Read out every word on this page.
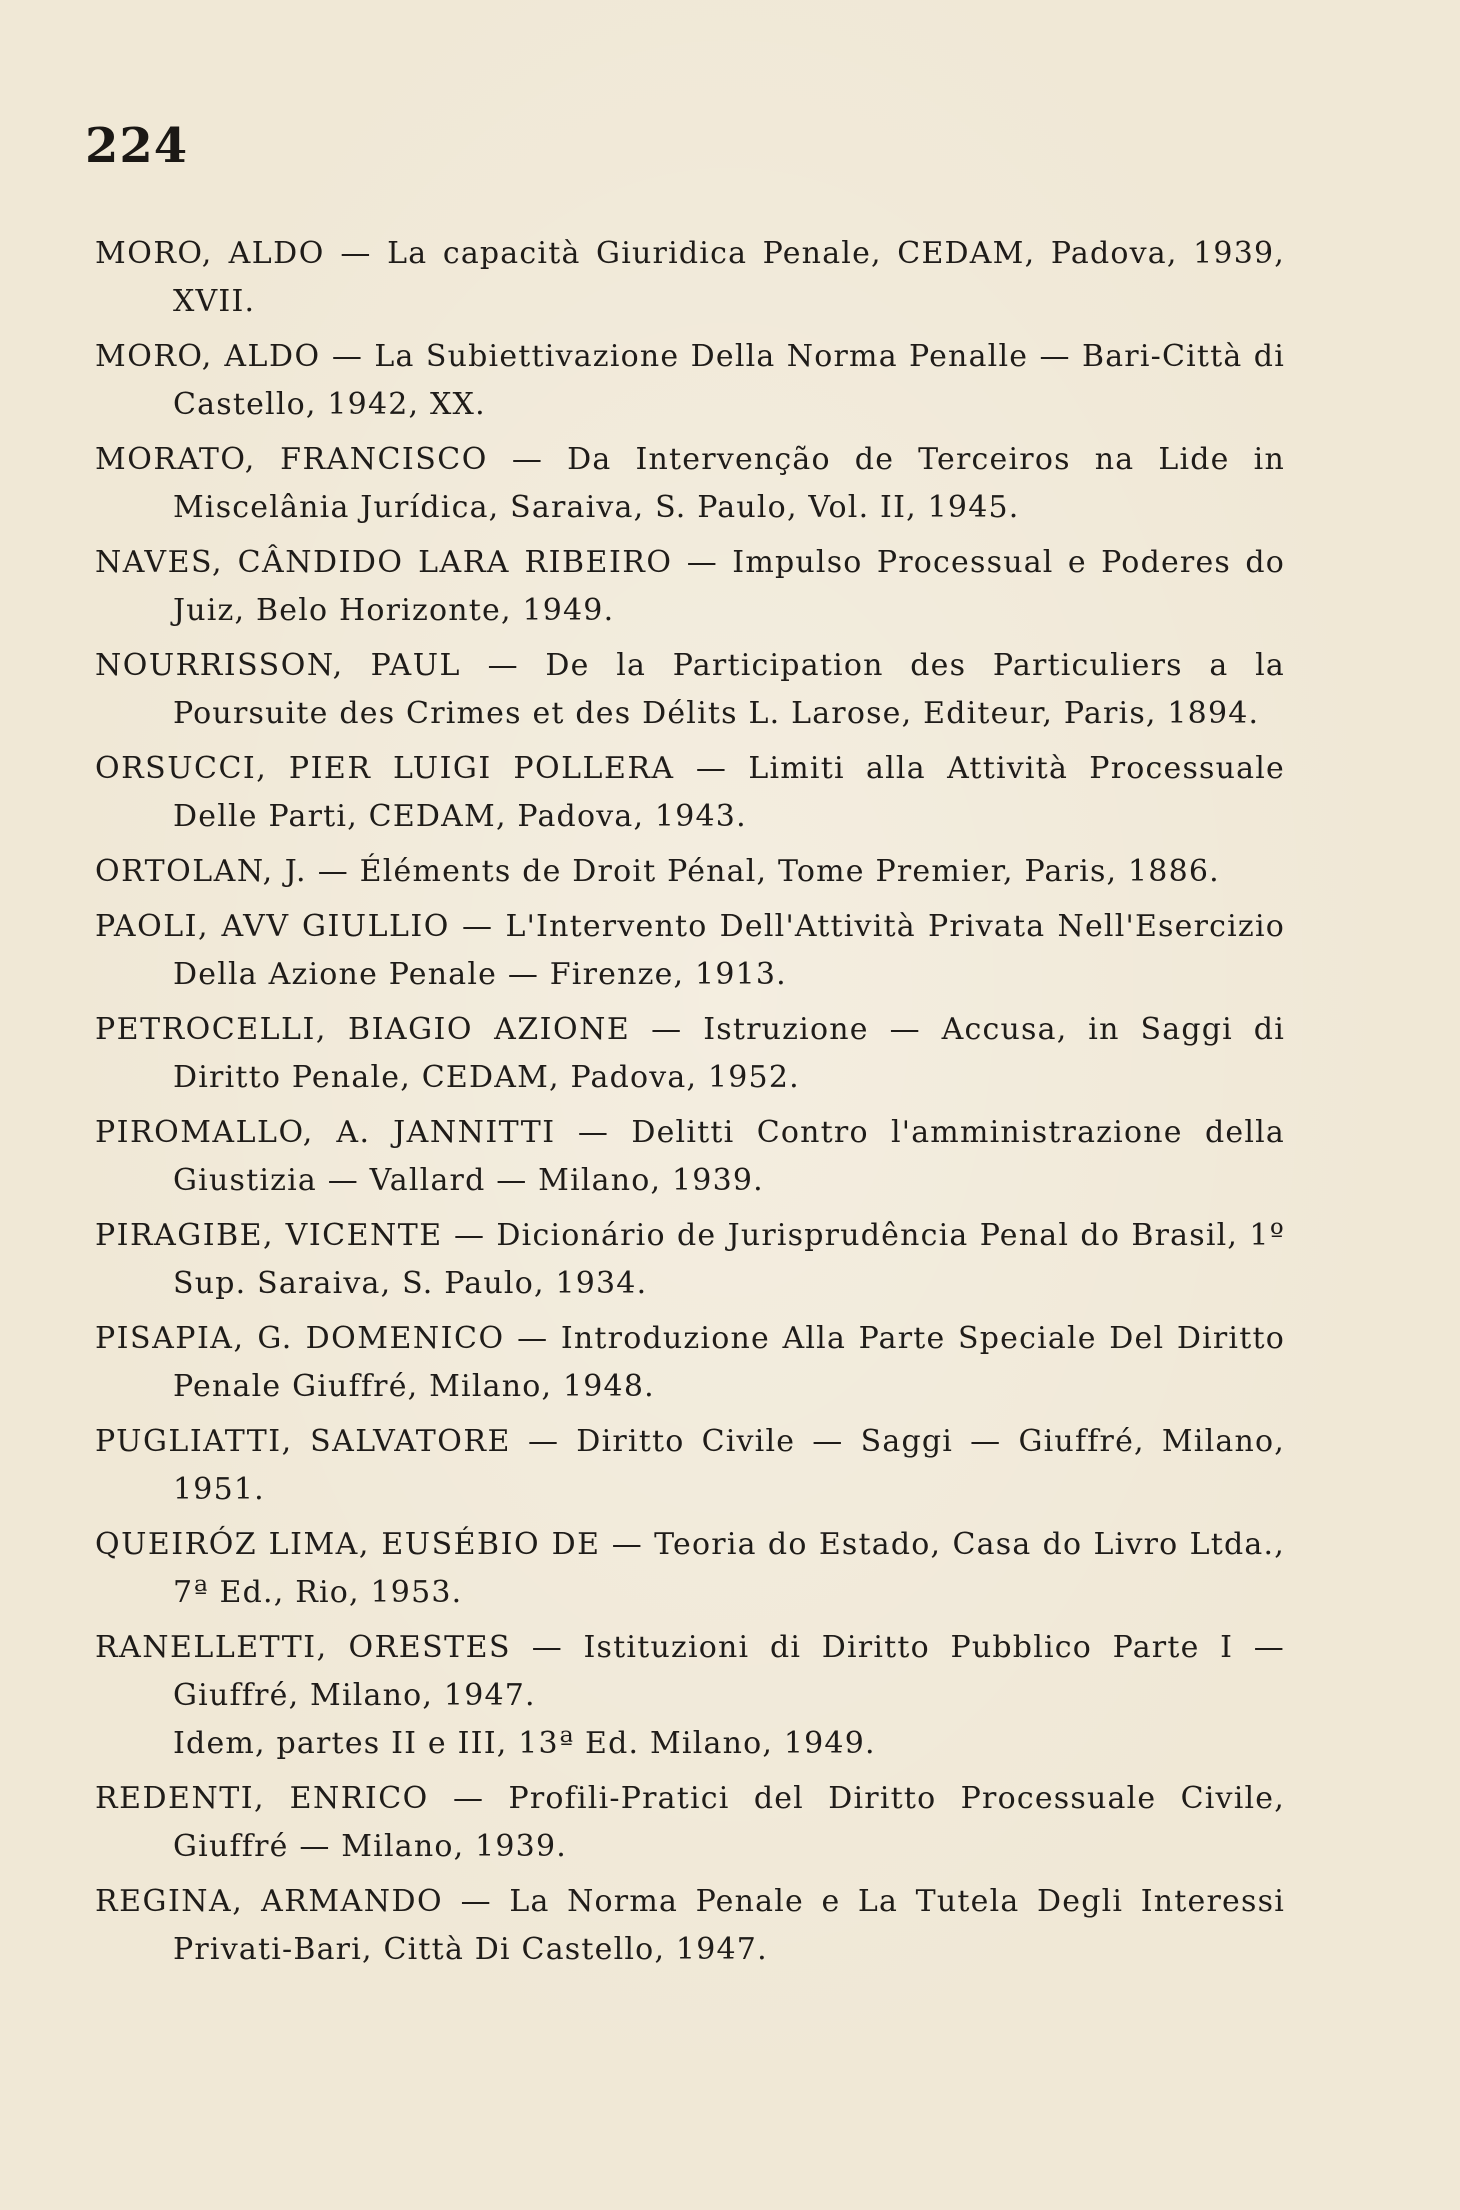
224
MORO, ALDO — La capacità Giuridica Penale, CEDAM, Padova, 1939, XVII.
MORO, ALDO — La Subiettivazione Della Norma Penalle — Bari-Città di Castello, 1942, XX.
MORATO, FRANCISCO — Da Intervenção de Terceiros na Lide in Miscelânia Jurídica, Saraiva, S. Paulo, Vol. II, 1945.
NAVES, CÂNDIDO LARA RIBEIRO — Impulso Processual e Poderes do Juiz, Belo Horizonte, 1949.
NOURRISSON, PAUL — De la Participation des Particuliers a la Poursuite des Crimes et des Délits L. Larose, Editeur, Paris, 1894.
ORSUCCI, PIER LUIGI POLLERA — Limiti alla Attività Processuale Delle Parti, CEDAM, Padova, 1943.
ORTOLAN, J. — Éléments de Droit Pénal, Tome Premier, Paris, 1886.
PAOLI, AVV GIULLIO — L'Intervento Dell'Attività Privata Nell'Esercizio Della Azione Penale — Firenze, 1913.
PETROCELLI, BIAGIO AZIONE — Istruzione — Accusa, in Saggi di Diritto Penale, CEDAM, Padova, 1952.
PIROMALLO, A. JANNITTI — Delitti Contro l'amministrazione della Giustizia — Vallard — Milano, 1939.
PIRAGIBE, VICENTE — Dicionário de Jurisprudência Penal do Brasil, 1º Sup. Saraiva, S. Paulo, 1934.
PISAPIA, G. DOMENICO — Introduzione Alla Parte Speciale Del Diritto Penale Giuffré, Milano, 1948.
PUGLIATTI, SALVATORE — Diritto Civile — Saggi — Giuffré, Milano, 1951.
QUEIRÓZ LIMA, EUSÉBIO DE — Teoria do Estado, Casa do Livro Ltda., 7ª Ed., Rio, 1953.
RANELLETTI, ORESTES — Istituzioni di Diritto Pubblico Parte I — Giuffré, Milano, 1947.
Idem, partes II e III, 13ª Ed. Milano, 1949.
REDENTI, ENRICO — Profili-Pratici del Diritto Processuale Civile, Giuffré — Milano, 1939.
REGINA, ARMANDO — La Norma Penale e La Tutela Degli Interessi Privati-Bari, Città Di Castello, 1947.
